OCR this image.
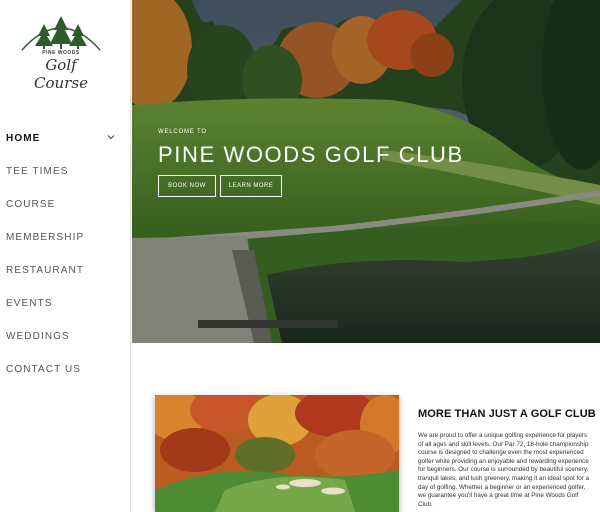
PINE WOODS
Golf Course
HOME
TEE TIMES
COURSE
MEMBERSHIP
RESTAURANT
EVENTS
WEDDINGS
CONTACT US
WELCOME TO
PINE WOODS GOLF CLUB
BOOK NOW	LEARN MORE
MORE THAN JUST A GOLF CLUB
We are proud to offer a unique golfing experience for players of all ages and skill levels. Our Par 72, 18-hole championship course is designed to challenge even the most experienced golfer while providing an enjoyable and rewarding experience for beginners. Our course is surrounded by beautiful scenery, tranquil lakes, and lush greenery, making it an ideal spot for a day of golfing. Whether a beginner or an experienced golfer, we guarantee you'll have a great time at Pine Woods Golf Club.
